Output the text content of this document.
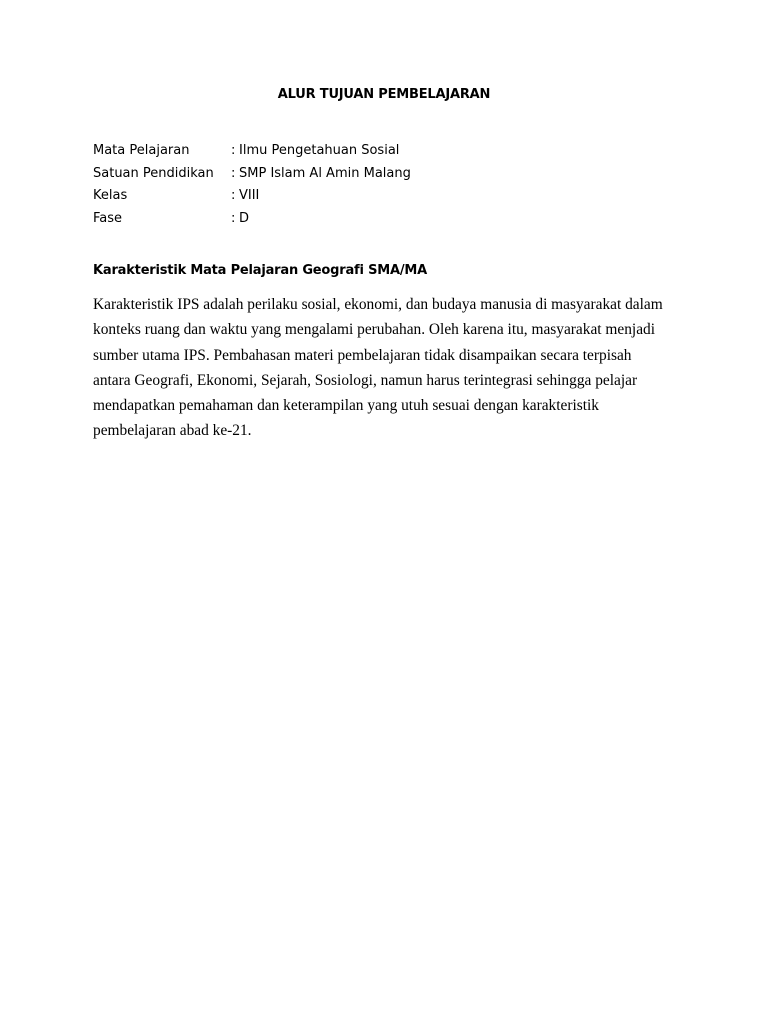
ALUR TUJUAN PEMBELAJARAN
Mata Pelajaran	: Ilmu Pengetahuan Sosial
Satuan Pendidikan : SMP Islam Al Amin Malang
Kelas	: VIII
Fase	: D
Karakteristik Mata Pelajaran Geografi SMA/MA
Karakteristik IPS adalah perilaku sosial, ekonomi, dan budaya manusia di masyarakat dalam
konteks ruang dan waktu yang mengalami perubahan. Oleh karena itu, masyarakat menjadi
sumber utama IPS. Pembahasan materi pembelajaran tidak disampaikan secara terpisah
antara Geografi, Ekonomi, Sejarah, Sosiologi, namun harus terintegrasi sehingga pelajar
mendapatkan pemahaman dan keterampilan yang utuh sesuai dengan karakteristik
pembelajaran abad ke-21.
